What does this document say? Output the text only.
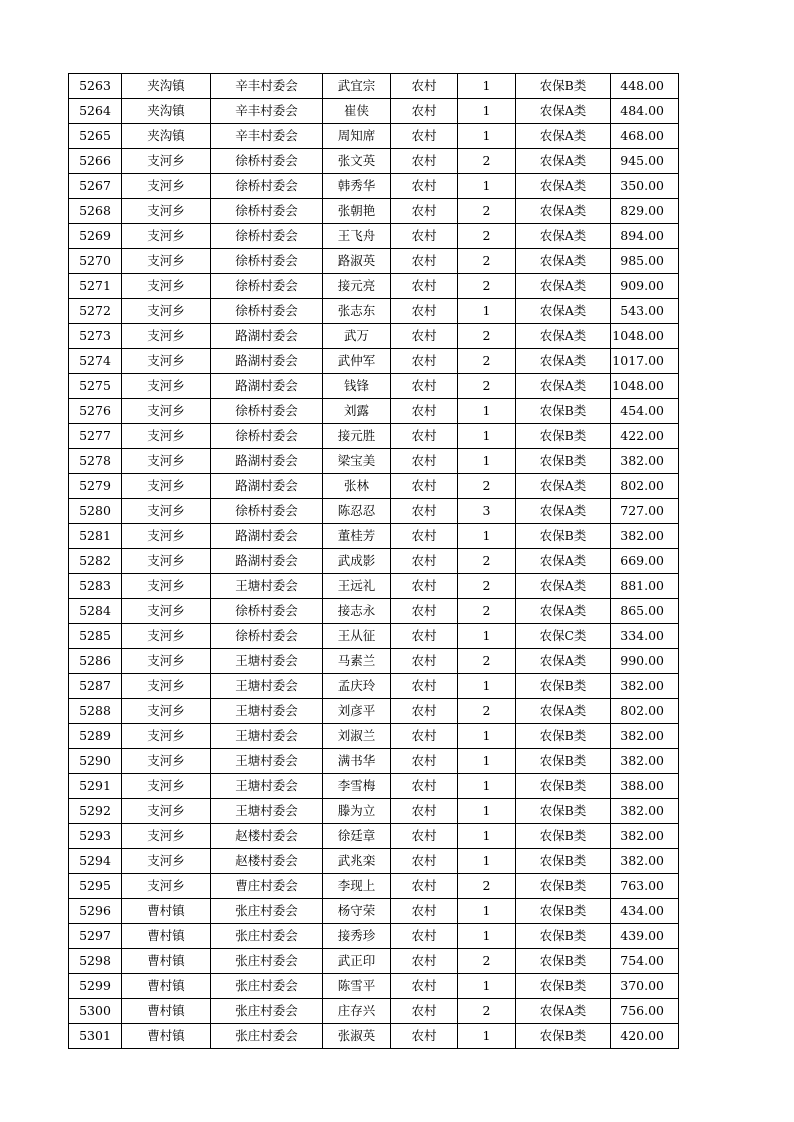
5263	夹沟镇	辛丰村委会	武宜宗	农村	1	农保B类	448.00
5264	夹沟镇	辛丰村委会	崔侠	农村	1	农保A类	484.00
5265	夹沟镇	辛丰村委会	周知席	农村	1	农保A类	468.00
5266	支河乡	徐桥村委会	张文英	农村	2	农保A类	945.00
5267	支河乡	徐桥村委会	韩秀华	农村	1	农保A类	350.00
5268	支河乡	徐桥村委会	张朝艳	农村	2	农保A类	829.00
5269	支河乡	徐桥村委会	王飞舟	农村	2	农保A类	894.00
5270	支河乡	徐桥村委会	路淑英	农村	2	农保A类	985.00
5271	支河乡	徐桥村委会	接元亮	农村	2	农保A类	909.00
5272	支河乡	徐桥村委会	张志东	农村	1	农保A类	543.00
5273	支河乡	路湖村委会	武万	农村	2	农保A类	1048.00
5274	支河乡	路湖村委会	武仲军	农村	2	农保A类	1017.00
5275	支河乡	路湖村委会	钱锋	农村	2	农保A类	1048.00
5276	支河乡	徐桥村委会	刘露	农村	1	农保B类	454.00
5277	支河乡	徐桥村委会	接元胜	农村	1	农保B类	422.00
5278	支河乡	路湖村委会	梁宝美	农村	1	农保B类	382.00
5279	支河乡	路湖村委会	张林	农村	2	农保A类	802.00
5280	支河乡	徐桥村委会	陈忍忍	农村	3	农保A类	727.00
5281	支河乡	路湖村委会	董桂芳	农村	1	农保B类	382.00
5282	支河乡	路湖村委会	武成影	农村	2	农保A类	669.00
5283	支河乡	王塘村委会	王远礼	农村	2	农保A类	881.00
5284	支河乡	徐桥村委会	接志永	农村	2	农保A类	865.00
5285	支河乡	徐桥村委会	王从征	农村	1	农保C类	334.00
5286	支河乡	王塘村委会	马素兰	农村	2	农保A类	990.00
5287	支河乡	王塘村委会	孟庆玲	农村	1	农保B类	382.00
5288	支河乡	王塘村委会	刘彦平	农村	2	农保A类	802.00
5289	支河乡	王塘村委会	刘淑兰	农村	1	农保B类	382.00
5290	支河乡	王塘村委会	满书华	农村	1	农保B类	382.00
5291	支河乡	王塘村委会	李雪梅	农村	1	农保B类	388.00
5292	支河乡	王塘村委会	滕为立	农村	1	农保B类	382.00
5293	支河乡	赵楼村委会	徐廷章	农村	1	农保B类	382.00
5294	支河乡	赵楼村委会	武兆栾	农村	1	农保B类	382.00
5295	支河乡	曹庄村委会	李现上	农村	2	农保B类	763.00
5296	曹村镇	张庄村委会	杨守荣	农村	1	农保B类	434.00
5297	曹村镇	张庄村委会	接秀珍	农村	1	农保B类	439.00
5298	曹村镇	张庄村委会	武正印	农村	2	农保B类	754.00
5299	曹村镇	张庄村委会	陈雪平	农村	1	农保B类	370.00
5300	曹村镇	张庄村委会	庄存兴	农村	2	农保A类	756.00
5301	曹村镇	张庄村委会	张淑英	农村	1	农保B类	420.00
